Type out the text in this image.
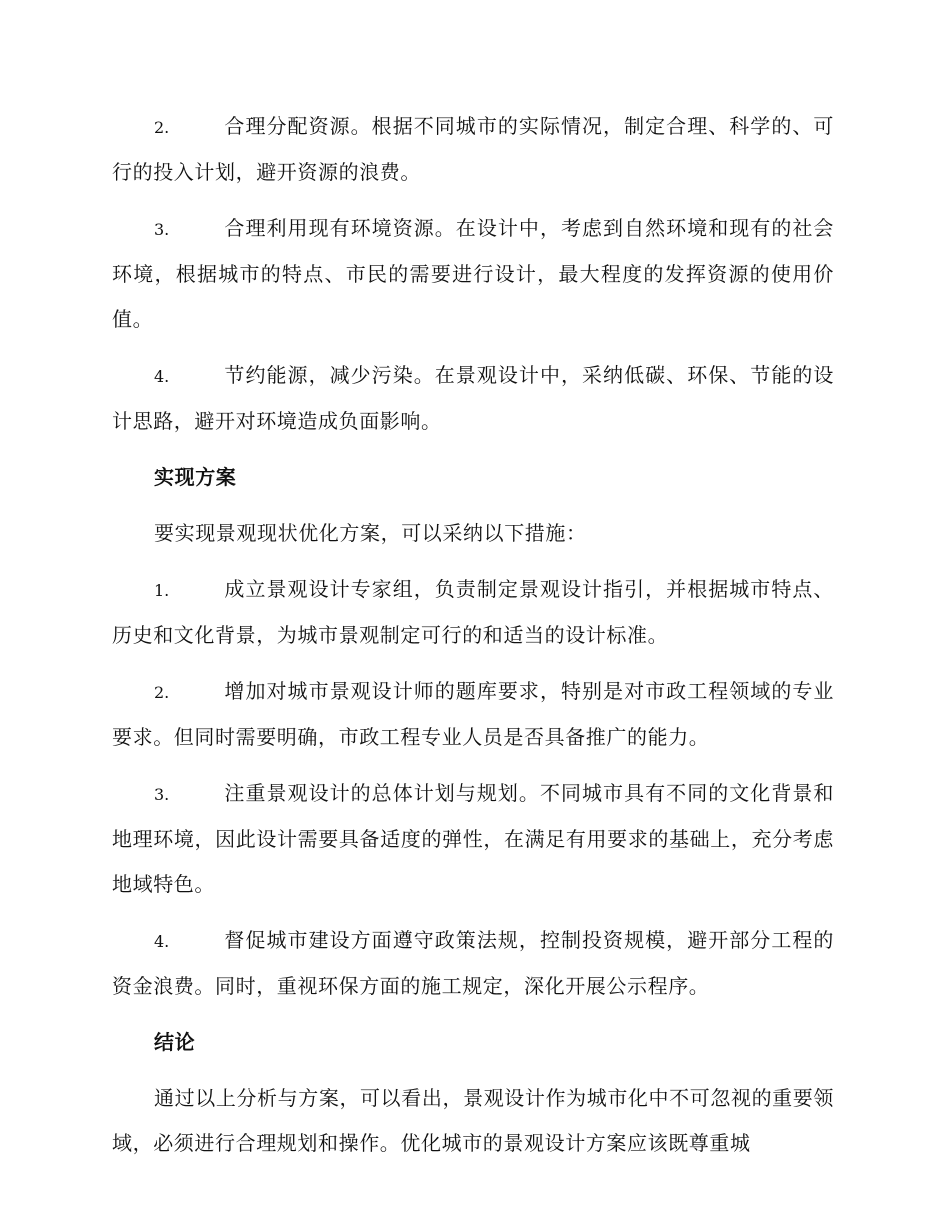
2.	合理分配资源。根据不同城市的实际情况，制定合理、科学的、可行的投入计划，避开资源的浪费。

3.	合理利用现有环境资源。在设计中，考虑到自然环境和现有的社会环境，根据城市的特点、市民的需要进行设计，最大程度的发挥资源的使用价值。

4.	节约能源，减少污染。在景观设计中，采纳低碳、环保、节能的设计思路，避开对环境造成负面影响。

实现方案

要实现景观现状优化方案，可以采纳以下措施：

1.	成立景观设计专家组，负责制定景观设计指引，并根据城市特点、历史和文化背景，为城市景观制定可行的和适当的设计标准。

2.	增加对城市景观设计师的题库要求，特别是对市政工程领域的专业要求。但同时需要明确，市政工程专业人员是否具备推广的能力。

3.	注重景观设计的总体计划与规划。不同城市具有不同的文化背景和地理环境，因此设计需要具备适度的弹性，在满足有用要求的基础上，充分考虑地域特色。

4.	督促城市建设方面遵守政策法规，控制投资规模，避开部分工程的资金浪费。同时，重视环保方面的施工规定，深化开展公示程序。

结论

通过以上分析与方案，可以看出，景观设计作为城市化中不可忽视的重要领域，必须进行合理规划和操作。优化城市的景观设计方案应该既尊重城
